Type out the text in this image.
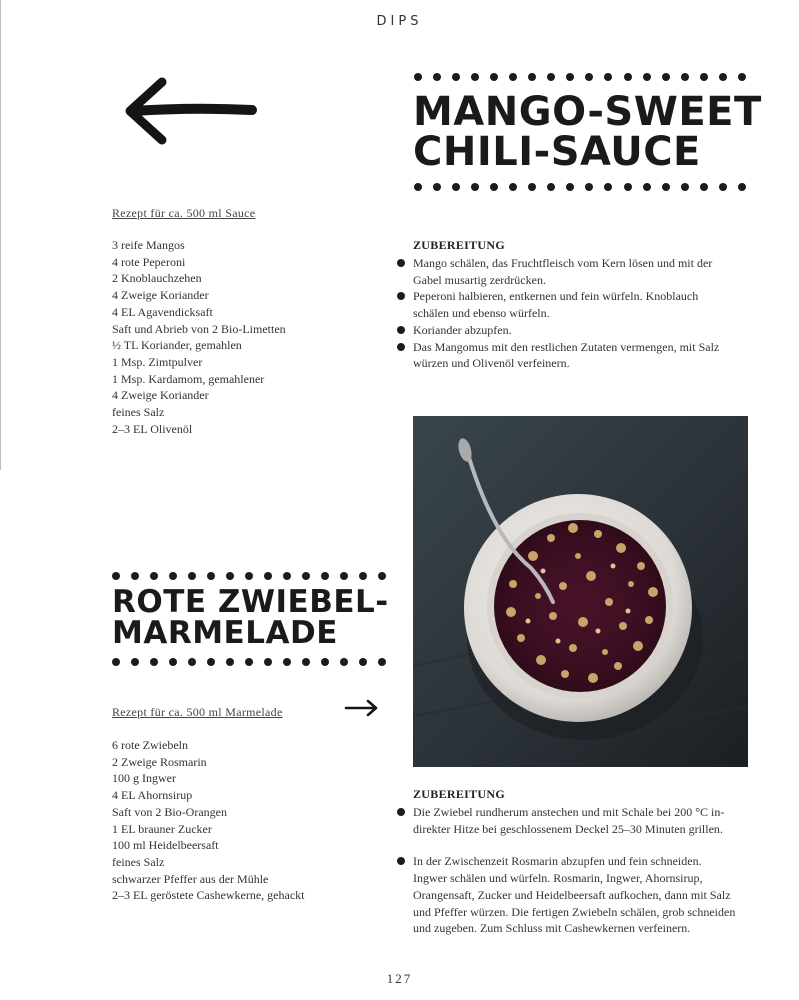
DIPS
MANGO-SWEET
CHILI-SAUCE
Rezept für ca. 500 ml Sauce
3 reife Mangos
4 rote Peperoni
2 Knoblauchzehen
4 Zweige Koriander
4 EL Agavendicksaft
Saft und Abrieb von 2 Bio-Limetten
½ TL Koriander, gemahlen
1 Msp. Zimtpulver
1 Msp. Kardamom, gemahlener
4 Zweige Koriander
feines Salz
2–3 EL Olivenöl
ZUBEREITUNG
Mango schälen, das Fruchtfleisch vom Kern lösen und mit der
Gabel musartig zerdrücken.
Peperoni halbieren, entkernen und fein würfeln. Knoblauch
schälen und ebenso würfeln.
Koriander abzupfen.
Das Mangomus mit den restlichen Zutaten vermengen, mit Salz
würzen und Olivenöl verfeinern.
ROTE ZWIEBEL-
MARMELADE
Rezept für ca. 500 ml Marmelade
6 rote Zwiebeln
2 Zweige Rosmarin
100 g Ingwer
4 EL Ahornsirup
Saft von 2 Bio-Orangen
1 EL brauner Zucker
100 ml Heidelbeersaft
feines Salz
schwarzer Pfeffer aus der Mühle
2–3 EL geröstete Cashewkerne, gehackt
ZUBEREITUNG
Die Zwiebel rundherum anstechen und mit Schale bei 200 °C in-
direkter Hitze bei geschlossenem Deckel 25–30 Minuten grillen.
In der Zwischenzeit Rosmarin abzupfen und fein schneiden.
Ingwer schälen und würfeln. Rosmarin, Ingwer, Ahornsirup,
Orangensaft, Zucker und Heidelbeersaft aufkochen, dann mit Salz
und Pfeffer würzen. Die fertigen Zwiebeln schälen, grob schneiden
und zugeben. Zum Schluss mit Cashewkernen verfeinern.
127
